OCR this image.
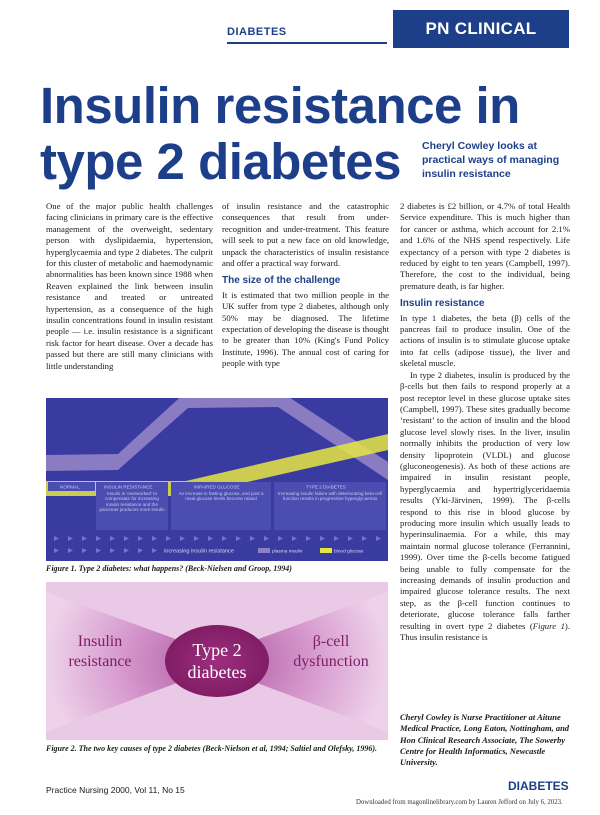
DIABETES	PN CLINICAL
Insulin resistance in
type 2 diabetes	Cheryl Cowley looks at practical ways of managing insulin resistance

One of the major public health challenges facing clinicians in primary care is the effective management of the overweight, sedentary person with dyslipidaemia, hypertension, hyperglycaemia and type 2 diabetes. The culprit for this cluster of metabolic and haemodynamic abnormalities has been known since 1988 when Reaven explained the link between insulin resistance and treated or untreated hypertension, as a consequence of the high insulin concentrations found in insulin resistant people — i.e. insulin resistance is a significant risk factor for heart disease. Over a decade has passed but there are still many clinicians with little understanding

of insulin resistance and the catastrophic consequences that result from under-recognition and under-treatment. This feature will seek to put a new face on old knowledge, unpack the characteristics of insulin resistance and offer a practical way forward.

The size of the challenge

It is estimated that two million people in the UK suffer from type 2 diabetes, although only 50% may be diagnosed. The lifetime expectation of developing the disease is thought to be greater than 10% (King's Fund Policy Institute, 1996). The annual cost of caring for people with type

2 diabetes is £2 billion, or 4.7% of total Health Service expenditure. This is much higher than for cancer or asthma, which account for 2.1% and 1.6% of the NHS spend respectively. Life expectancy of a person with type 2 diabetes is reduced by eight to ten years (Campbell, 1997). Therefore, the cost to the individual, being premature death, is far higher.

Insulin resistance

In type 1 diabetes, the beta (β) cells of the pancreas fail to produce insulin. One of the actions of insulin is to stimulate glucose uptake into fat cells (adipose tissue), the liver and skeletal muscle.

In type 2 diabetes, insulin is produced by the β-cells but then fails to respond properly at a post receptor level in these glucose uptake sites (Campbell, 1997). These sites gradually become ‘resistant’ to the action of insulin and the blood glucose level slowly rises. In the liver, insulin normally inhibits the production of very low density lipoprotein (VLDL) and glucose (gluconeogenesis). As both of these actions are impaired in insulin resistant people, hyperglycaemia and hypertriglyceridaemia results (Yki-Järvinen, 1999). The β-cells respond to this rise in blood glucose by producing more insulin which usually leads to hyperinsulinaemia. For a while, this may maintain normal glucose tolerance (Ferrannini, 1999). Over time the β-cells become fatigued being unable to fully compensate for the increasing demands of insulin production and impaired glucose tolerance results. The next step, as the β-cell function continues to deteriorate, glucose tolerance falls farther resulting in overt type 2 diabetes (Figure 1). Thus insulin resistance is

NORMAL	INSULIN RESISTANCE	IMPAIRED GLUCOSE	TYPE 2 DIABETES
Insulin is ‘overworked’ to compensate for increasing insulin resistance and the pancreas produces more insulin
An increase in fasting glucose, and post a meal glucose levels become raised
Increasing insulin failure with deteriorating beta cell function results in progressive hyperglycaemia
increasing insulin resistance	plasma insulin	blood glucose
Figure 1. Type 2 diabetes: what happens? (Beck-Nielsen and Groop, 1994)
Insulin
resistance
Type 2
diabetes
β-cell
dysfunction
Figure 2. The two key causes of type 2 diabetes (Beck-Nielson et al, 1994; Saltiel and Olefsky, 1996).
Cheryl Cowley is Nurse Practitioner at Aitune Medical Practice, Long Eaton, Nottingham, and Hon Clinical Research Associate, The Sowerby Centre for Health Informatics, Newcastle University.
Practice Nursing 2000, Vol 11, No 15	DIABETES
Downloaded from magonlinelibrary.com by Lauren Jefford on July 6, 2023.
